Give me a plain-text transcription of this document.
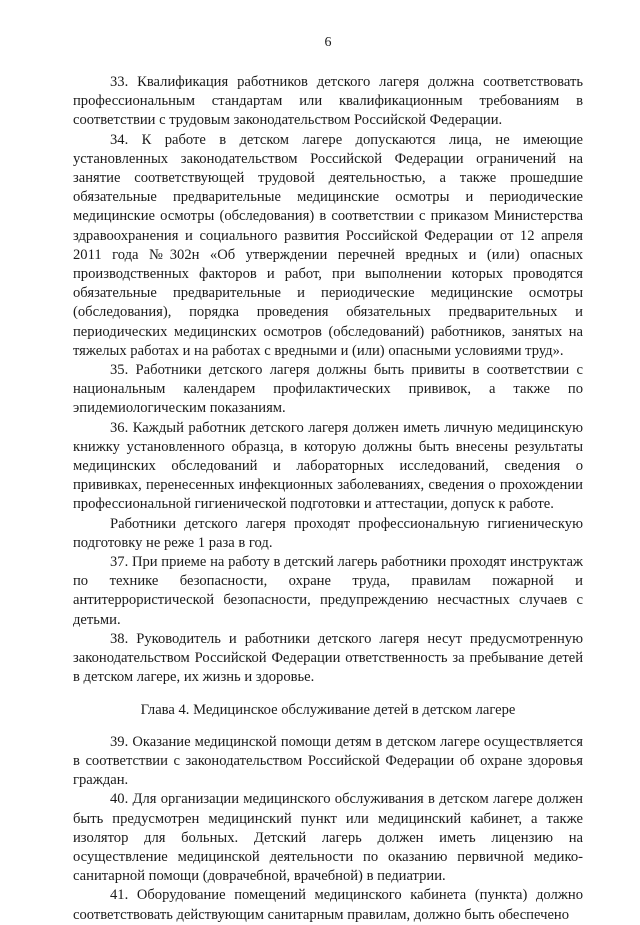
6

33. Квалификация работников детского лагеря должна соответствовать профессиональным стандартам или квалификационным требованиям в соответствии с трудовым законодательством Российской Федерации.

34. К работе в детском лагере допускаются лица, не имеющие установленных законодательством Российской Федерации ограничений на занятие соответствующей трудовой деятельностью, а также прошедшие обязательные предварительные медицинские осмотры и периодические медицинские осмотры (обследования) в соответствии с приказом Министерства здравоохранения и социального развития Российской Федерации от 12 апреля 2011 года №302н «Об утверждении перечней вредных и (или) опасных производственных факторов и работ, при выполнении которых проводятся обязательные предварительные и периодические медицинские осмотры (обследования), порядка проведения обязательных предварительных и периодических медицинских осмотров (обследований) работников, занятых на тяжелых работах и на работах с вредными и (или) опасными условиями труд».

35. Работники детского лагеря должны быть привиты в соответствии с национальным календарем профилактических прививок, а также по эпидемиологическим показаниям.

36. Каждый работник детского лагеря должен иметь личную медицинскую книжку установленного образца, в которую должны быть внесены результаты медицинских обследований и лабораторных исследований, сведения о прививках, перенесенных инфекционных заболеваниях, сведения о прохождении профессиональной гигиенической подготовки и аттестации, допуск к работе.

Работники детского лагеря проходят профессиональную гигиеническую подготовку не реже 1 раза в год.

37. При приеме на работу в детский лагерь работники проходят инструктаж по технике безопасности, охране труда, правилам пожарной и антитеррористической безопасности, предупреждению несчастных случаев с детьми.

38. Руководитель и работники детского лагеря несут предусмотренную законодательством Российской Федерации ответственность за пребывание детей в детском лагере, их жизнь и здоровье.

Глава 4. Медицинское обслуживание детей в детском лагере

39. Оказание медицинской помощи детям в детском лагере осуществляется в соответствии с законодательством Российской Федерации об охране здоровья граждан.

40. Для организации медицинского обслуживания в детском лагере должен быть предусмотрен медицинский пункт или медицинский кабинет, а также изолятор для больных. Детский лагерь должен иметь лицензию на осуществление медицинской деятельности по оказанию первичной медико-санитарной помощи (доврачебной, врачебной) в педиатрии.

41. Оборудование помещений медицинского кабинета (пункта) должно соответствовать действующим санитарным правилам, должно быть обеспечено
